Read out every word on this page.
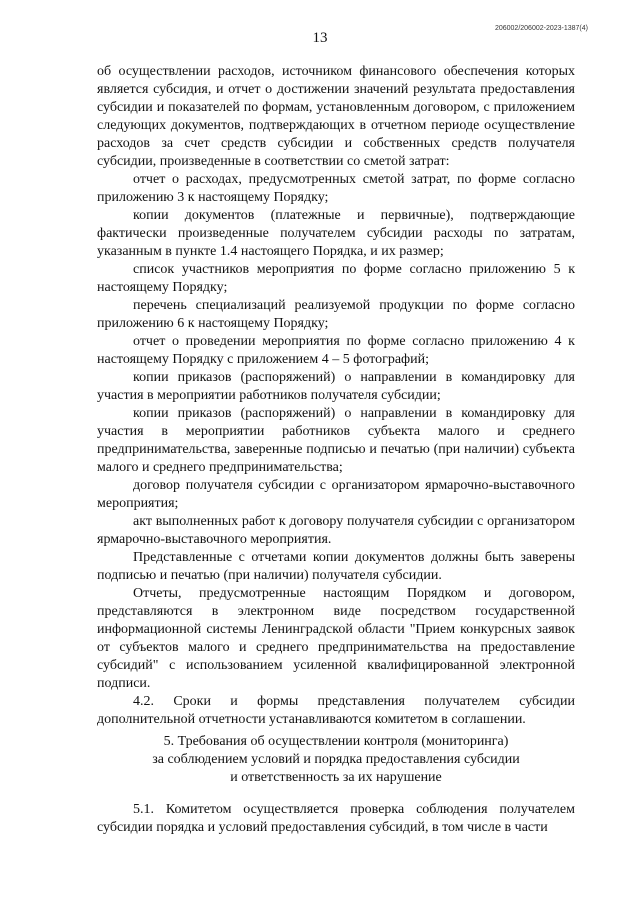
13
206002/206002-2023-1387(4)

об осуществлении расходов, источником финансового обеспечения которых является субсидия, и отчет о достижении значений результата предоставления субсидии и показателей по формам, установленным договором, с приложением следующих документов, подтверждающих в отчетном периоде осуществление расходов за счет средств субсидии и собственных средств получателя субсидии, произведенные в соответствии со сметой затрат:

отчет о расходах, предусмотренных сметой затрат, по форме согласно приложению 3 к настоящему Порядку;

копии документов (платежные и первичные), подтверждающие фактически произведенные получателем субсидии расходы по затратам, указанным в пункте 1.4 настоящего Порядка, и их размер;

список участников мероприятия по форме согласно приложению 5 к настоящему Порядку;

перечень специализаций реализуемой продукции по форме согласно приложению 6 к настоящему Порядку;

отчет о проведении мероприятия по форме согласно приложению 4 к настоящему Порядку с приложением 4 – 5 фотографий;

копии приказов (распоряжений) о направлении в командировку для участия в мероприятии работников получателя субсидии;

копии приказов (распоряжений) о направлении в командировку для участия в мероприятии работников субъекта малого и среднего предпринимательства, заверенные подписью и печатью (при наличии) субъекта малого и среднего предпринимательства;

договор получателя субсидии с организатором ярмарочно-выставочного мероприятия;

акт выполненных работ к договору получателя субсидии с организатором ярмарочно-выставочного мероприятия.

Представленные с отчетами копии документов должны быть заверены подписью и печатью (при наличии) получателя субсидии.

Отчеты, предусмотренные настоящим Порядком и договором, представляются в электронном виде посредством государственной информационной системы Ленинградской области "Прием конкурсных заявок от субъектов малого и среднего предпринимательства на предоставление субсидий" с использованием усиленной квалифицированной электронной подписи.

4.2. Сроки и формы представления получателем субсидии дополнительной отчетности устанавливаются комитетом в соглашении.

5. Требования об осуществлении контроля (мониторинга)
за соблюдением условий и порядка предоставления субсидии
и ответственность за их нарушение

5.1. Комитетом осуществляется проверка соблюдения получателем субсидии порядка и условий предоставления субсидий, в том числе в части
